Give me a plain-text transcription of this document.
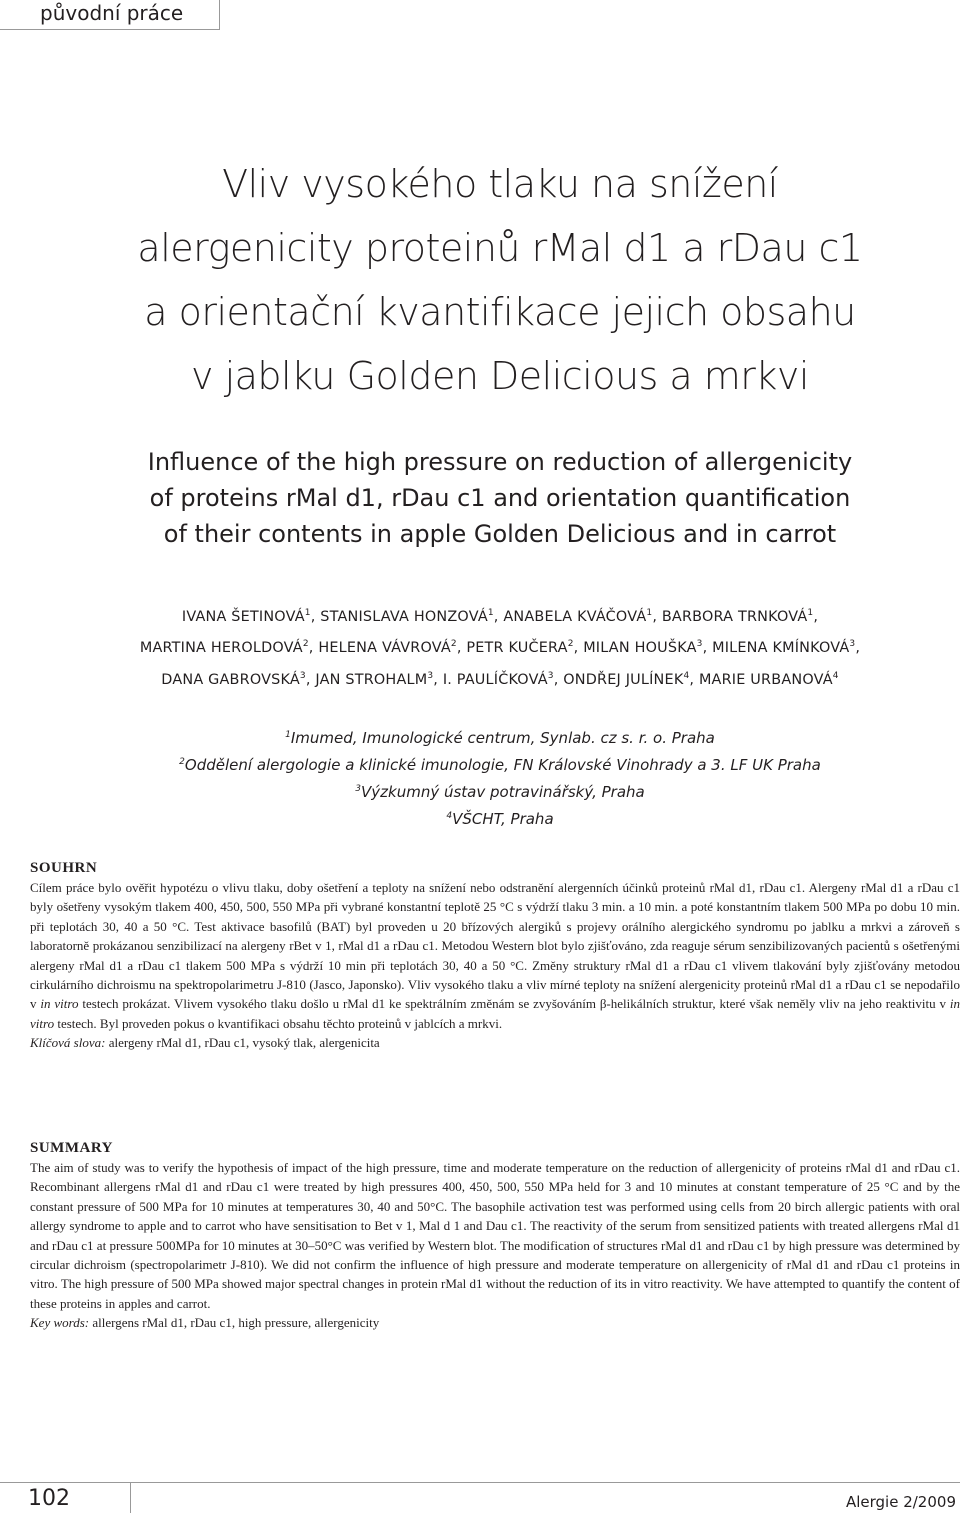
původní práce
Vliv vysokého tlaku na snížení
alergenicity proteinů rMal d1 a rDau c1
a orientační kvantifikace jejich obsahu
v jablku Golden Delicious a mrkvi
Influence of the high pressure on reduction of allergenicity
of proteins rMal d1, rDau c1 and orientation quantification
of their contents in apple Golden Delicious and in carrot
IVANA ŠETINOVÁ$^1$, STANISLAVA HONZOVÁ$^1$, ANABELA KVÁČOVÁ$^1$, BARBORA TRNKOVÁ$^1$,
MARTINA HEROLDOVÁ$^2$, HELENA VÁVROVÁ$^2$, PETR KUČERA$^2$, MILAN HOUŠKA$^3$, MILENA KMÍNKOVÁ$^3$,
DANA GABROVSKÁ$^3$, JAN STROHALM$^3$, I. PAULÍČKOVÁ$^3$, ONDŘEJ JULÍNEK$^4$, MARIE URBANOVÁ$^4$
$^1$Imumed, Imunologické centrum, Synlab. cz s. r. o. Praha
$^2$Oddělení alergologie a klinické imunologie, FN Královské Vinohrady a 3. LF UK Praha
$^3$Výzkumný ústav potravinářský, Praha
$^4$VŠCHT, Praha
SOUHRN

Cílem práce bylo ověřit hypotézu o vlivu tlaku, doby ošetření a teploty na snížení nebo odstranění alergenních účinků proteinů rMal d1, rDau c1. Alergeny rMal d1 a rDau c1 byly ošetřeny vysokým tlakem 400, 450, 500, 550 MPa při vybrané konstantní teplotě 25 °C s výdrží tlaku 3 min. a 10 min. a poté konstantním tlakem 500 MPa po dobu 10 min. při teplotách 30, 40 a 50 °C. Test aktivace basofilů (BAT) byl proveden u 20 břízových alergiků s projevy orálního alergického syndromu po jablku a mrkvi a zároveň s laboratorně prokázanou senzibilizací na alergeny rBet v 1, rMal d1 a rDau c1. Metodou Western blot bylo zjišťováno, zda reaguje sérum senzibilizovaných pacientů s ošetřenými alergeny rMal d1 a rDau c1 tlakem 500 MPa s výdrží 10 min při teplotách 30, 40 a 50 °C. Změny struktury rMal d1 a rDau c1 vlivem tlakování byly zjišťovány metodou cirkulárního dichroismu na spektropolarimetru J-810 (Jasco, Japonsko). Vliv vysokého tlaku a vliv mírné teploty na snížení alergenicity proteinů rMal d1 a rDau c1 se nepodařilo v in vitro testech prokázat. Vlivem vysokého tlaku došlo u rMal d1 ke spektrálním změnám se zvyšováním β-helikálních struktur, které však neměly vliv na jeho reaktivitu v in vitro testech. Byl proveden pokus o kvantifikaci obsahu těchto proteinů v jablcích a mrkvi.

Klíčová slova: alergeny rMal d1, rDau c1, vysoký tlak, alergenicita

SUMMARY

The aim of study was to verify the hypothesis of impact of the high pressure, time and moderate temperature on the reduction of allergenicity of proteins rMal d1 and rDau c1. Recombinant allergens rMal d1 and rDau c1 were treated by high pressures 400, 450, 500, 550 MPa held for 3 and 10 minutes at constant temperature of 25 °C and by the constant pressure of 500 MPa for 10 minutes at temperatures 30, 40 and 50°C. The basophile activation test was performed using cells from 20 birch allergic patients with oral allergy syndrome to apple and to carrot who have sensitisation to Bet v 1, Mal d 1 and Dau c1. The reactivity of the serum from sensitized patients with treated allergens rMal d1 and rDau c1 at pressure 500MPa for 10 minutes at 30–50°C was verified by Western blot. The modification of structures rMal d1 and rDau c1 by high pressure was determined by circular dichroism (spectropolarimetr J-810). We did not confirm the influence of high pressure and moderate temperature on allergenicity of rMal d1 and rDau c1 proteins in vitro. The high pressure of 500 MPa showed major spectral changes in protein rMal d1 without the reduction of its in vitro reactivity. We have attempted to quantify the content of these proteins in apples and carrot.

Key words: allergens rMal d1, rDau c1, high pressure, allergenicity

102	Alergie 2/2009
